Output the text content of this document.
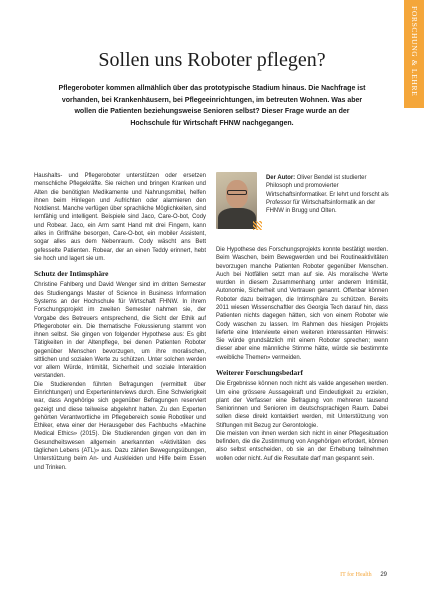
FORSCHUNG & LEHRE
Sollen uns Roboter pflegen?

Pflegeroboter kommen allmählich über das prototypische Stadium hinaus. Die Nachfrage ist vorhanden, bei Krankenhäusern, bei Pflegeeinrichtungen, im betreuten Wohnen. Was aber wollen die Patienten beziehungsweise Senioren selbst? Dieser Frage wurde an der Hochschule für Wirtschaft FHNW nachgegangen.

Haushalts- und Pflegeroboter unterstützen oder ersetzen menschliche Pflegekräfte. Sie reichen und bringen Kranken und Alten die benötigten Medikamente und Nahrungsmittel, helfen ihnen beim Hinlegen und Aufrichten oder alarmieren den Notdienst. Manche verfügen über sprachliche Möglichkeiten, sind lernfähig und intelligent. Beispiele sind Jaco, Care-O-bot, Cody und Robear. Jaco, ein Arm samt Hand mit drei Fingern, kann alles in Griffnähe besorgen, Care-O-bot, ein mobiler Assistent, sogar alles aus dem Nebenraum. Cody wäscht ans Bett gefesselte Patienten. Robear, der an einen Teddy erinnert, hebt sie hoch und lagert sie um.

Schutz der Intimsphäre

Christine Fahlberg und David Wenger sind im dritten Semester des Studiengangs Master of Science in Business Information Systems an der Hochschule für Wirtschaft FHNW. In ihrem Forschungsprojekt im zweiten Semester nahmen sie, der Vorgabe des Betreuers entsprechend, die Sicht der Ethik auf Pflegeroboter ein. Die thematische Fokussierung stammt von ihnen selbst. Sie gingen von folgender Hypothese aus: Es gibt Tätigkeiten in der Altenpflege, bei denen Patienten Roboter gegenüber Menschen bevorzugen, um ihre moralischen, sittlichen und sozialen Werte zu schützen. Unter solchen werden vor allem Würde, Intimität, Sicherheit und soziale Interaktion verstanden.

Die Studierenden führten Befragungen (vermittelt über Einrichtungen) und Experteninterviews durch. Eine Schwierigkeit war, dass Angehörige sich gegenüber Befragungen reserviert gezeigt und diese teilweise abgelehnt hatten. Zu den Experten gehörten Verantwortliche im Pflegebereich sowie Robotiker und Ethiker, etwa einer der Herausgeber des Fachbuchs «Machine Medical Ethics» (2015). Die Studierenden gingen von den im Gesundheitswesen allgemein anerkannten «Aktivitäten des täglichen Lebens (ATL)» aus. Dazu zählen Bewegungsübungen, Unterstützung beim An- und Auskleiden und Hilfe beim Essen und Trinken.

Der Autor: Oliver Bendel ist studierter Philosoph und promovierter Wirtschaftsinformatiker. Er lehrt und forscht als Professor für Wirtschaftsinformatik an der FHNW in Brugg und Olten.

Die Hypothese des Forschungsprojekts konnte bestätigt werden. Beim Waschen, beim Bewegwerden und bei Routineaktivitäten bevorzugen manche Patienten Roboter gegenüber Menschen. Auch bei Notfällen setzt man auf sie. Als moralische Werte wurden in diesem Zusammenhang unter anderem Intimität, Autonomie, Sicherheit und Vertrauen genannt. Offenbar können Roboter dazu beitragen, die Intimsphäre zu schützen. Bereits 2011 wiesen Wissenschaftler des Georgia Tech darauf hin, dass Patienten nichts dagegen hätten, sich von einem Roboter wie Cody waschen zu lassen. Im Rahmen des hiesigen Projekts lieferte eine Interviewte einen weiteren interessanten Hinweis: Sie würde grundsätzlich mit einem Roboter sprechen; wenn dieser aber eine männliche Stimme hätte, würde sie bestimmte «weibliche Themen» vermeiden.

Weiterer Forschungsbedarf

Die Ergebnisse können noch nicht als valide angesehen werden. Um eine grössere Aussagekraft und Eindeutigkeit zu erzielen, plant der Verfasser eine Befragung von mehreren tausend Seniorinnen und Senioren im deutschsprachigen Raum. Dabei sollen diese direkt kontaktiert werden, mit Unterstützung von Stiftungen mit Bezug zur Gerontologie.

Die meisten von ihnen werden sich nicht in einer Pflegesituation befinden, die die Zustimmung von Angehörigen erfordert, können also selbst entscheiden, ob sie an der Erhebung teilnehmen wollen oder nicht. Auf die Resultate darf man gespannt sein.

IT for Health 29
